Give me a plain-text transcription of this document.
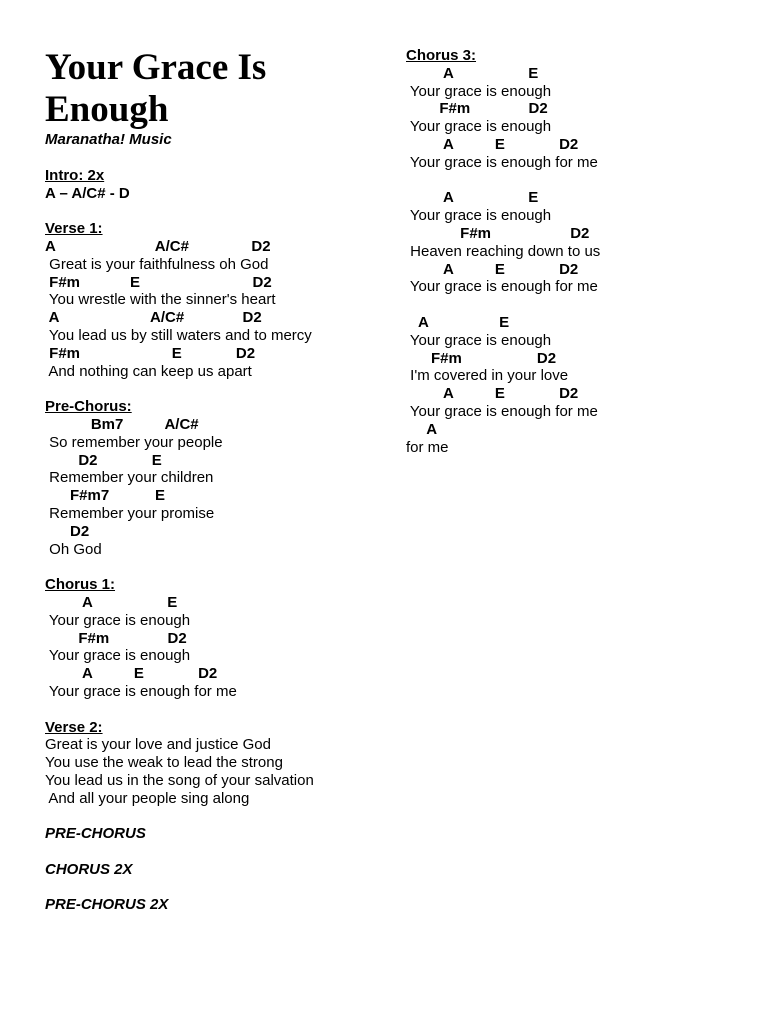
Your Grace Is Enough
Maranatha! Music
Intro: 2x
A – A/C# - D
Verse 1:
A                        A/C#               D2
Great is your faithfulness oh God
F#m            E                           D2
You wrestle with the sinner's heart
A                      A/C#              D2
You lead us by still waters and to mercy
F#m                      E             D2
And nothing can keep us apart
Pre-Chorus:
Bm7          A/C#
So remember your people
D2             E
Remember your children
F#m7           E
Remember your promise
D2
Oh God
Chorus 1:
A                  E
Your grace is enough
F#m              D2
Your grace is enough
A          E             D2
Your grace is enough for me
Verse 2:
Great is your love and justice God
You use the weak to lead the strong
You lead us in the song of your salvation
And all your people sing along
PRE-CHORUS
CHORUS 2X
PRE-CHORUS 2X
Chorus 3:
A                  E
Your grace is enough
F#m              D2
Your grace is enough
A          E             D2
Your grace is enough for me
A                  E
Your grace is enough
F#m                   D2
Heaven reaching down to us
A          E             D2
Your grace is enough for me
A                 E
Your grace is enough
F#m                  D2
I'm covered in your love
A          E             D2
Your grace is enough for me
A
for me
